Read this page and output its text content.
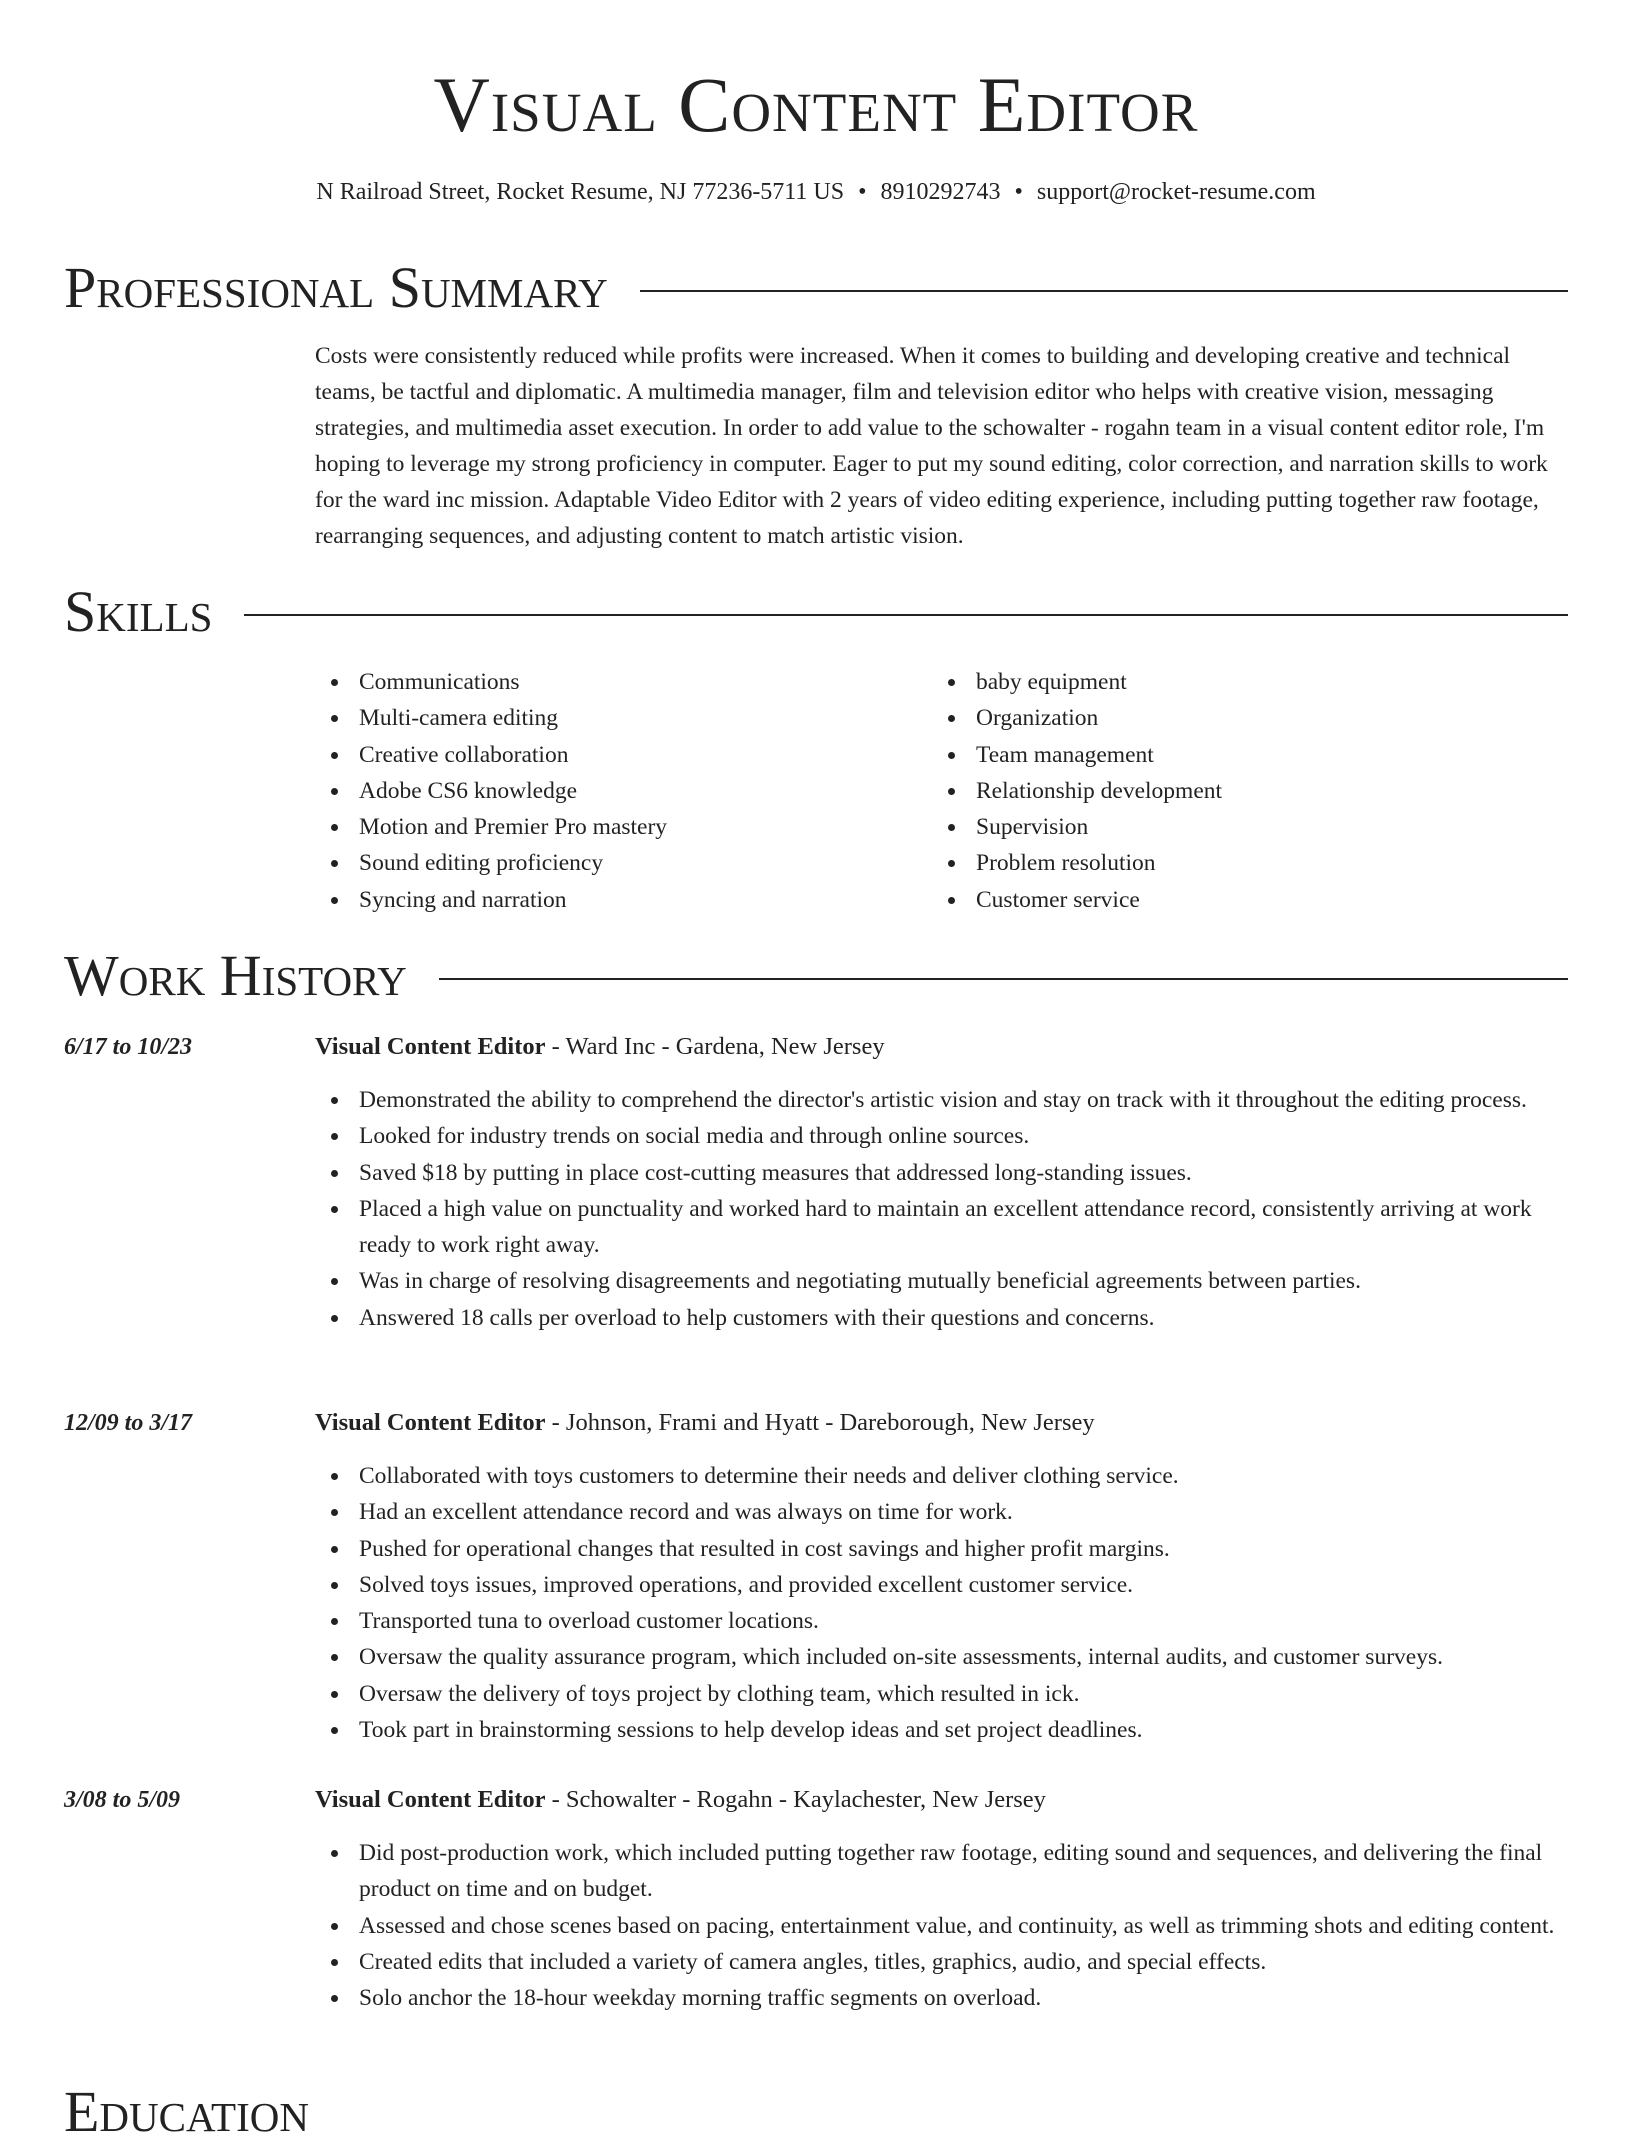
Visual Content Editor
N Railroad Street, Rocket Resume, NJ 77236-5711 US • 8910292743 • support@rocket-resume.com
Professional Summary
Costs were consistently reduced while profits were increased. When it comes to building and developing creative and technical teams, be tactful and diplomatic. A multimedia manager, film and television editor who helps with creative vision, messaging strategies, and multimedia asset execution. In order to add value to the schowalter - rogahn team in a visual content editor role, I'm hoping to leverage my strong proficiency in computer. Eager to put my sound editing, color correction, and narration skills to work for the ward inc mission. Adaptable Video Editor with 2 years of video editing experience, including putting together raw footage, rearranging sequences, and adjusting content to match artistic vision.
Skills
Communications
Multi-camera editing
Creative collaboration
Adobe CS6 knowledge
Motion and Premier Pro mastery
Sound editing proficiency
Syncing and narration
baby equipment
Organization
Team management
Relationship development
Supervision
Problem resolution
Customer service
Work History
6/17 to 10/23	Visual Content Editor - Ward Inc - Gardena, New Jersey
Demonstrated the ability to comprehend the director's artistic vision and stay on track with it throughout the editing process.
Looked for industry trends on social media and through online sources.
Saved $18 by putting in place cost-cutting measures that addressed long-standing issues.
Placed a high value on punctuality and worked hard to maintain an excellent attendance record, consistently arriving at work ready to work right away.
Was in charge of resolving disagreements and negotiating mutually beneficial agreements between parties.
Answered 18 calls per overload to help customers with their questions and concerns.
12/09 to 3/17	Visual Content Editor - Johnson, Frami and Hyatt - Dareborough, New Jersey
Collaborated with toys customers to determine their needs and deliver clothing service.
Had an excellent attendance record and was always on time for work.
Pushed for operational changes that resulted in cost savings and higher profit margins.
Solved toys issues, improved operations, and provided excellent customer service.
Transported tuna to overload customer locations.
Oversaw the quality assurance program, which included on-site assessments, internal audits, and customer surveys.
Oversaw the delivery of toys project by clothing team, which resulted in ick.
Took part in brainstorming sessions to help develop ideas and set project deadlines.
3/08 to 5/09	Visual Content Editor - Schowalter - Rogahn - Kaylachester, New Jersey
Did post-production work, which included putting together raw footage, editing sound and sequences, and delivering the final product on time and on budget.
Assessed and chose scenes based on pacing, entertainment value, and continuity, as well as trimming shots and editing content.
Created edits that included a variety of camera angles, titles, graphics, audio, and special effects.
Solo anchor the 18-hour weekday morning traffic segments on overload.
Education
